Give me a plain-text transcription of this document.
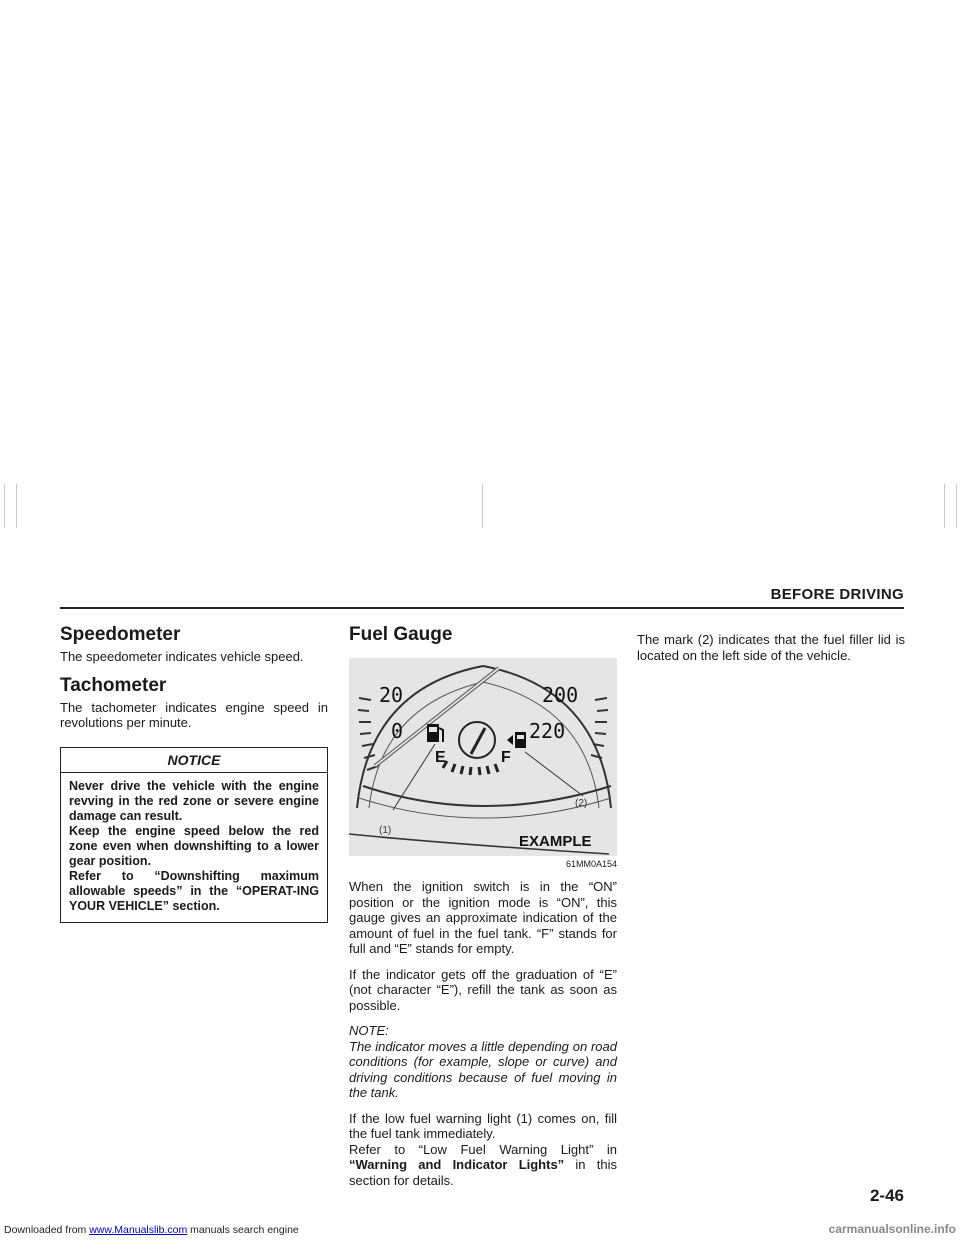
BEFORE DRIVING
Speedometer

The speedometer indicates vehicle speed.

Tachometer

The tachometer indicates engine speed in revolutions per minute.

NOTICE
Never drive the vehicle with the engine revving in the red zone or severe engine damage can result.
Keep the engine speed below the red zone even when downshifting to a lower gear position.
Refer to “Downshifting maximum allowable speeds” in the “OPERAT-ING YOUR VEHICLE” section.
Fuel Gauge
20
0
200
220
E	F
(1)
(2)
EXAMPLE
61MM0A154

When the ignition switch is in the “ON” position or the ignition mode is “ON”, this gauge gives an approximate indication of the amount of fuel in the fuel tank. “F” stands for full and “E” stands for empty.

If the indicator gets off the graduation of “E” (not character “E”), refill the tank as soon as possible.

NOTE:
The indicator moves a little depending on road conditions (for example, slope or curve) and driving conditions because of fuel moving in the tank.

If the low fuel warning light (1) comes on, fill the fuel tank immediately.
Refer to “Low Fuel Warning Light” in “Warning and Indicator Lights” in this section for details.

The mark (2) indicates that the fuel filler lid is located on the left side of the vehicle.

2-46
Downloaded from www.Manualslib.com manuals search engine	carmanualsonline.info
